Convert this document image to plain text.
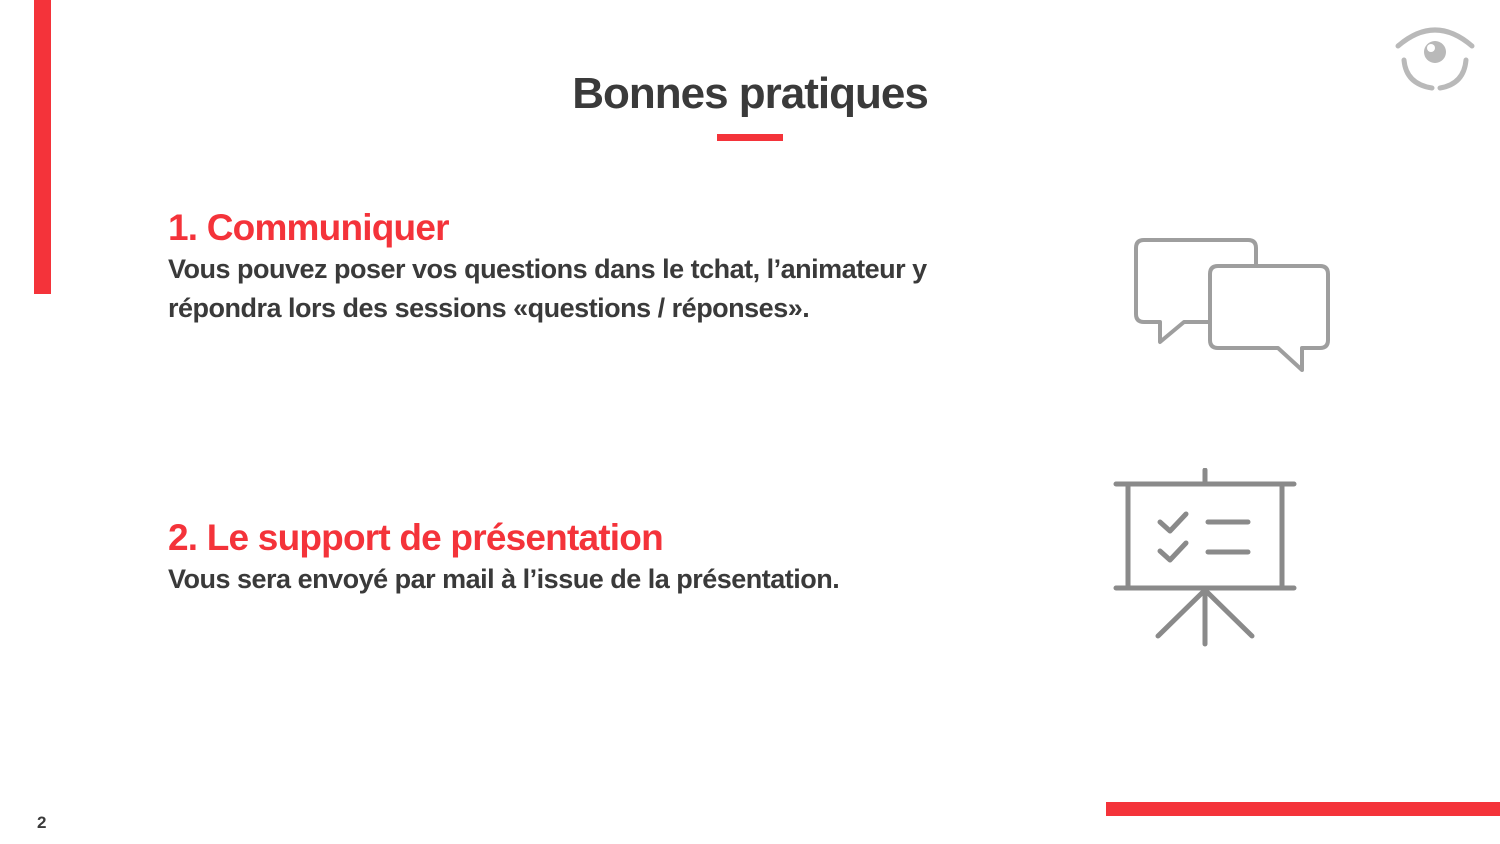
Bonnes pratiques
1. Communiquer

Vous pouvez poser vos questions dans le tchat, l’animateur y répondra lors des sessions «questions / réponses».

2. Le support de présentation

Vous sera envoyé par mail à l’issue de la présentation.

2
